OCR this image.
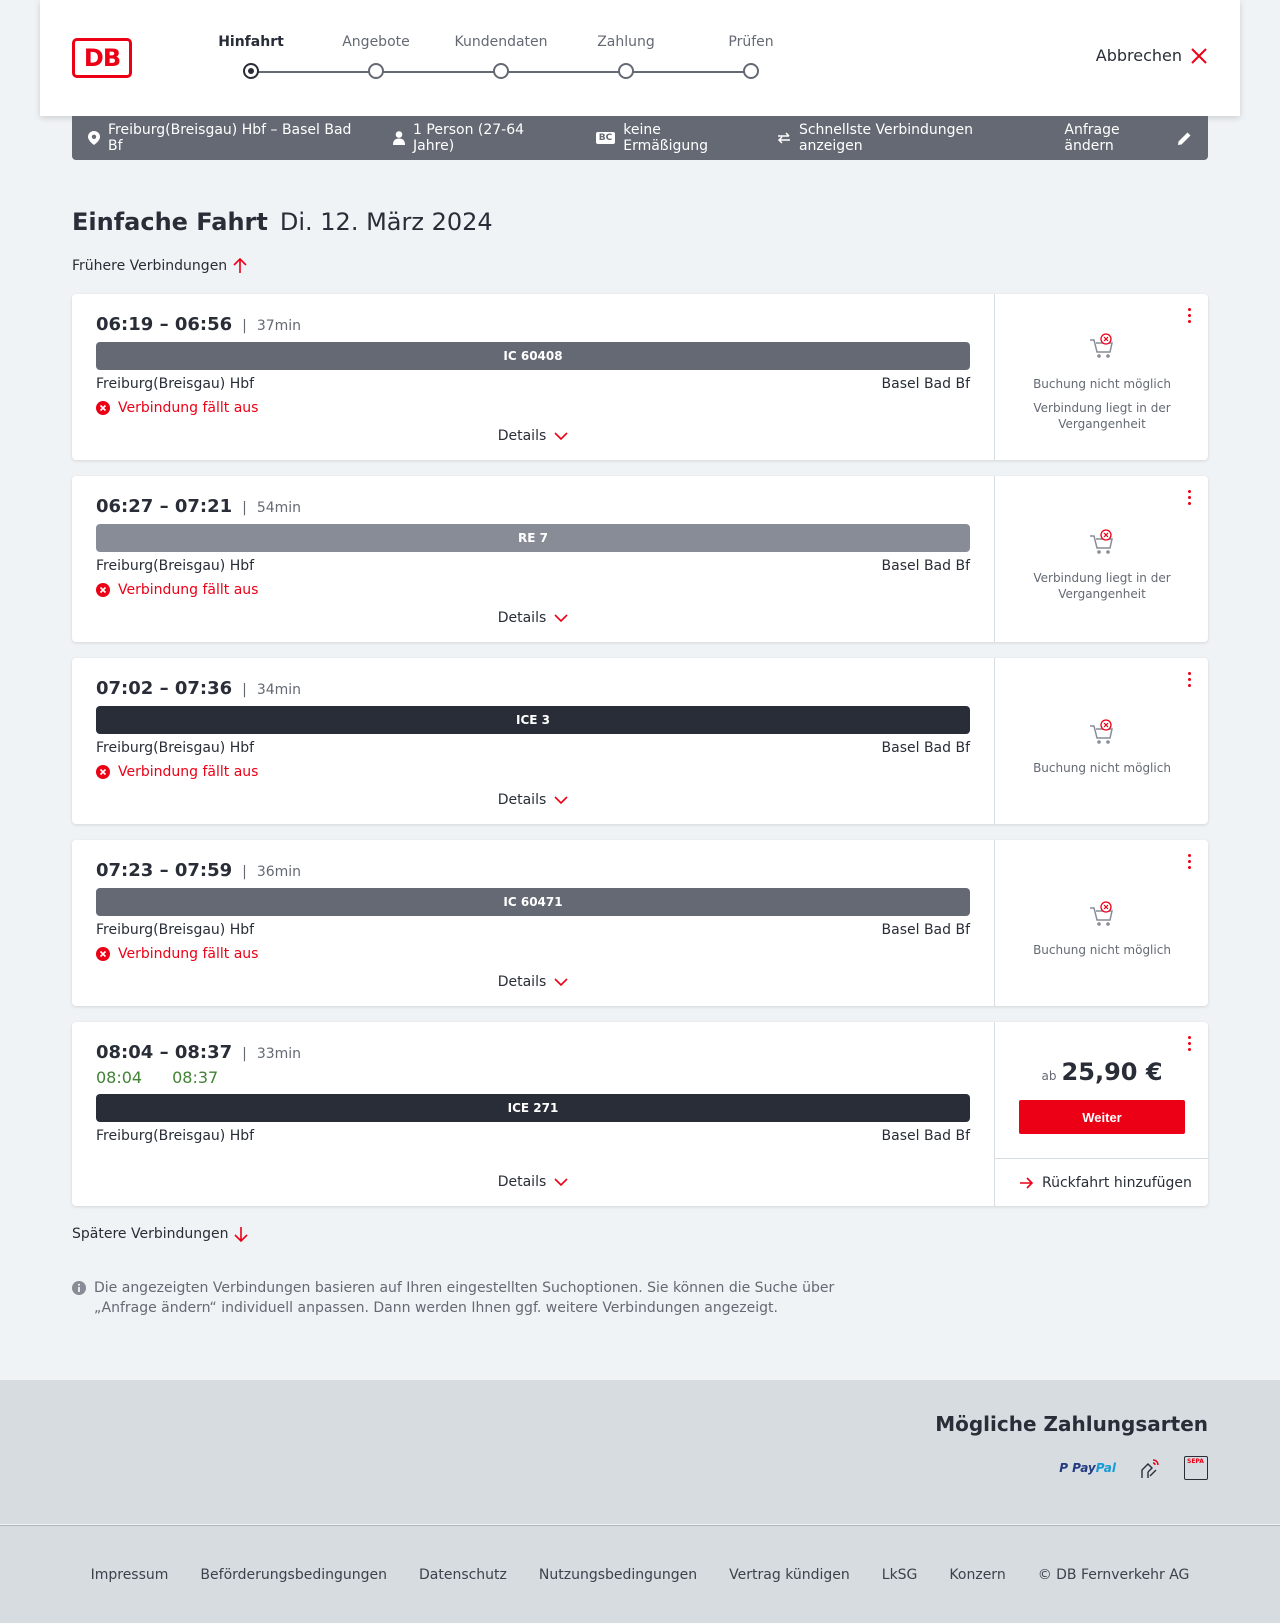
DB
Hinfahrt	Angebote	Kundendaten	Zahlung	Prüfen
Abbrechen
Freiburg(Breisgau) Hbf – Basel Bad Bf
1 Person (27-64 Jahre)	BC keine Ermäßigung
Schnellste Verbindungen anzeigen
Anfrage ändern
Einfache Fahrt Di. 12. März 2024
Frühere Verbindungen
06:19 – 06:56 | 37min
IC 60408
Freiburg(Breisgau) Hbf	Basel Bad Bf
Verbindung fällt aus
Details
Buchung nicht möglich
Verbindung liegt in der Vergangenheit
06:27 – 07:21 | 54min
RE 7
Freiburg(Breisgau) Hbf	Basel Bad Bf
Verbindung fällt aus
Details
Verbindung liegt in der Vergangenheit
07:02 – 07:36 | 34min
ICE 3
Freiburg(Breisgau) Hbf	Basel Bad Bf
Verbindung fällt aus
Details
Buchung nicht möglich
07:23 – 07:59 | 36min
IC 60471
Freiburg(Breisgau) Hbf	Basel Bad Bf
Verbindung fällt aus
Details
Buchung nicht möglich
08:04 – 08:37 | 33min
08:04 08:37
ICE 271
Freiburg(Breisgau) Hbf	Basel Bad Bf
Details
ab 25,90 €
Weiter
Rückfahrt hinzufügen
Spätere Verbindungen
Die angezeigten Verbindungen basieren auf Ihren eingestellten Suchoptionen. Sie können die Suche über „Anfrage ändern“ individuell anpassen. Dann werden Ihnen ggf. weitere Verbindungen angezeigt.
Mögliche Zahlungsarten
P PayPal	SEPA
Impressum Beförderungsbedingungen Datenschutz Nutzungsbedingungen Vertrag kündigen LkSG Konzern © DB Fernverkehr AG
